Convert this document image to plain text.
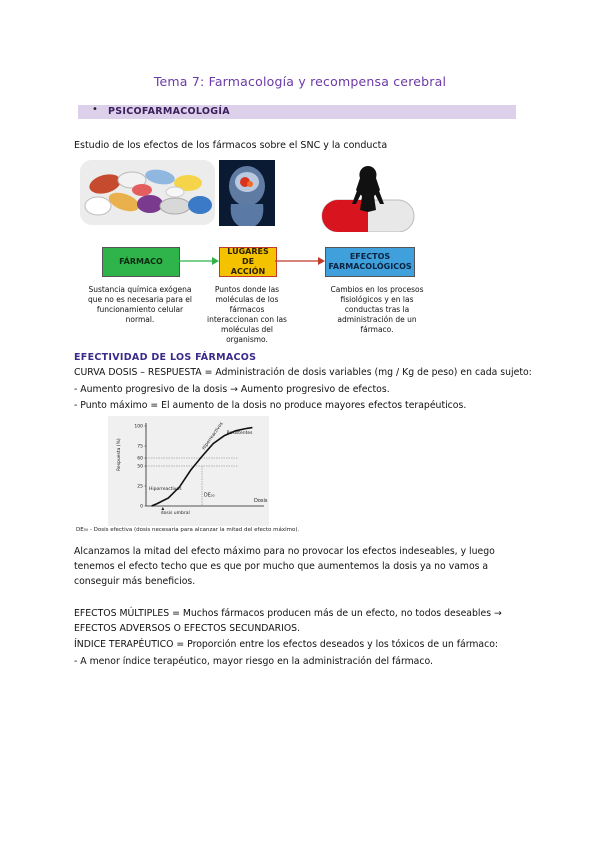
Tema 7: Farmacología y recompensa cerebral
• PSICOFARMACOLOGÍA
Estudio de los efectos de los fármacos sobre el SNC y la conducta
FÁRMACO
LUGARES DE
ACCIÓN
EFECTOS
FARMACOLÓGICOS
Sustancia química exógena que no es necesaria para el funcionamiento celular normal.
Puntos donde las moléculas de los fármacos interaccionan con las moléculas del organismo.
Cambios en los procesos fisiológicos y en las conductas tras la administración de un fármaco.
EFECTIVIDAD DE LOS FÁRMACOS
CURVA DOSIS – RESPUESTA = Administración de dosis variables (mg / Kg de peso) en cada sujeto:
- Aumento progresivo de la dosis → Aumento progresivo de efectos.
- Punto máximo = El aumento de la dosis no produce mayores efectos terapéuticos.
0
25
50
60
75
100
Respuesta (%)
Dosis
Resistentes
Hiporreactivos
Hiperreactivos
DE₅₀
dosis umbral
DE₅₀ - Dosis efectiva (dosis necesaria para alcanzar la mitad del efecto máximo).
Alcanzamos la mitad del efecto máximo para no provocar los efectos indeseables, y luego tenemos el efecto techo que es que por mucho que aumentemos la dosis ya no vamos a conseguir más beneficios.
EFECTOS MÚLTIPLES = Muchos fármacos producen más de un efecto, no todos deseables → EFECTOS ADVERSOS O EFECTOS SECUNDARIOS.
ÍNDICE TERAPÉUTICO = Proporción entre los efectos deseados y los tóxicos de un fármaco:
- A menor índice terapéutico, mayor riesgo en la administración del fármaco.
